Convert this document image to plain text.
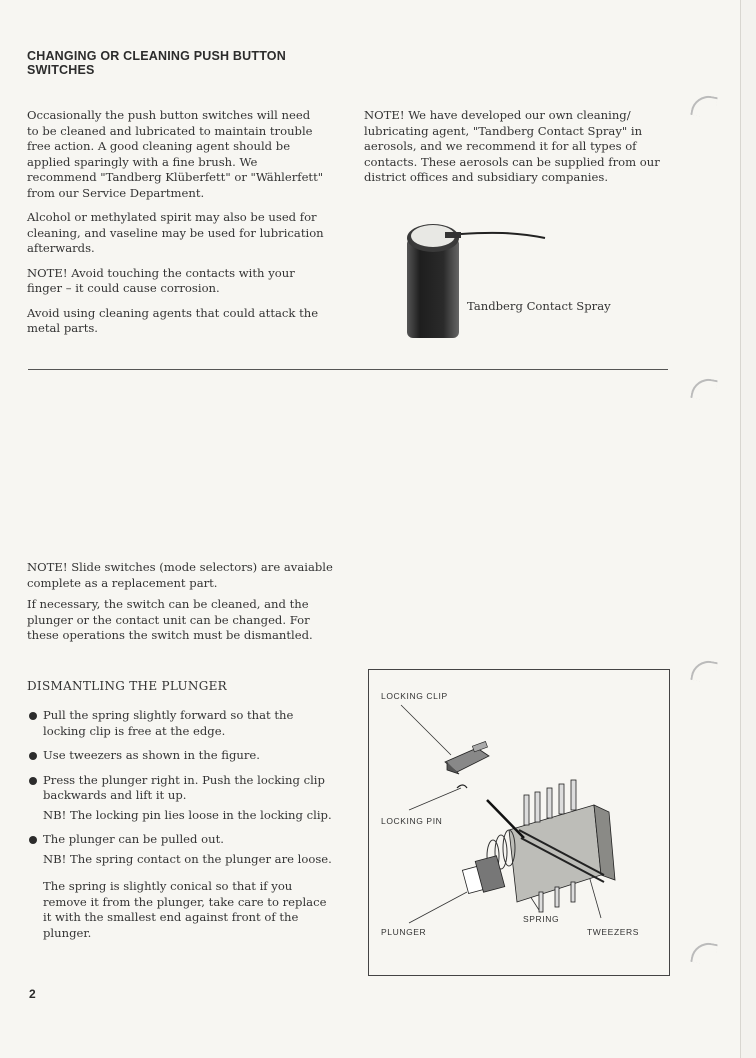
CHANGING OR CLEANING PUSH BUTTON SWITCHES

Occasionally the push button switches will need to be cleaned and lubricated to maintain trouble free action. A good cleaning agent should be applied sparingly with a fine brush. We recommend "Tandberg Klüberfett" or "Wählerfett" from our Service Department.

Alcohol or methylated spirit may also be used for cleaning, and vaseline may be used for lubrication afterwards.

NOTE! Avoid touching the contacts with your finger – it could cause corrosion.

Avoid using cleaning agents that could attack the metal parts.

NOTE! We have developed our own cleaning/ lubricating agent, "Tandberg Contact Spray" in aerosols, and we recommend it for all types of contacts. These aerosols can be supplied from our district offices and subsidiary companies.
Tandberg Contact Spray

NOTE! Slide switches (mode selectors) are avaiable complete as a replacement part.

If necessary, the switch can be cleaned, and the plunger or the contact unit can be changed. For these operations the switch must be dismantled.

DISMANTLING THE PLUNGER
Pull the spring slightly forward so that the locking clip is free at the edge.
Use tweezers as shown in the figure.
Press the plunger right in. Push the locking clip backwards and lift it up.
NB! The locking pin lies loose in the locking clip.
The plunger can be pulled out.
NB! The spring contact on the plunger are loose.

The spring is slightly conical so that if you remove it from the plunger, take care to replace it with the smallest end against front of the plunger.

LOCKING CLIP
LOCKING PIN
SPRING
PLUNGER	TWEEZERS
2
